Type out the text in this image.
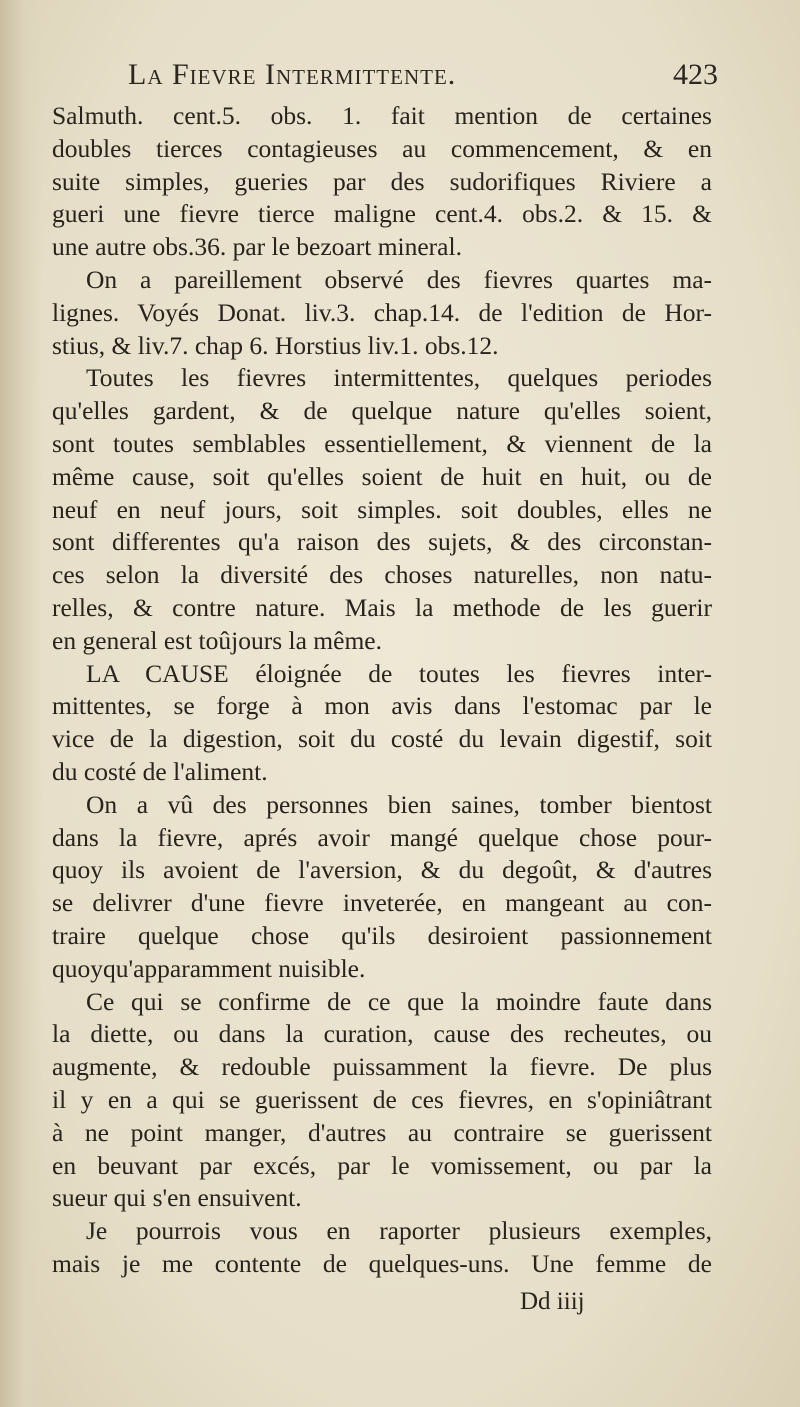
La Fievre Intermittente.	423
Salmuth. cent.5. obs. 1. fait mention de certaines
doubles tierces contagieuses au commencement, & en
suite simples, gueries par des sudorifiques Riviere a
gueri une fievre tierce maligne cent.4. obs.2. & 15. &
une autre obs.36. par le bezoart mineral.
On a pareillement observé des fievres quartes ma-
lignes. Voyés Donat. liv.3. chap.14. de l'edition de Hor-
stius, & liv.7. chap 6. Horstius liv.1. obs.12.
Toutes les fievres intermittentes, quelques periodes
qu'elles gardent, & de quelque nature qu'elles soient,
sont toutes semblables essentiellement, & viennent de la
même cause, soit qu'elles soient de huit en huit, ou de
neuf en neuf jours, soit simples. soit doubles, elles ne
sont differentes qu'a raison des sujets, & des circonstan-
ces selon la diversité des choses naturelles, non natu-
relles, & contre nature. Mais la methode de les guerir
en general est toûjours la même.
LA CAUSE éloignée de toutes les fievres inter-
mittentes, se forge à mon avis dans l'estomac par le
vice de la digestion, soit du costé du levain digestif, soit
du costé de l'aliment.
On a vû des personnes bien saines, tomber bientost
dans la fievre, aprés avoir mangé quelque chose pour-
quoy ils avoient de l'aversion, & du degoût, & d'autres
se delivrer d'une fievre inveterée, en mangeant au con-
traire quelque chose qu'ils desiroient passionnement
quoyqu'apparamment nuisible.
Ce qui se confirme de ce que la moindre faute dans
la diette, ou dans la curation, cause des recheutes, ou
augmente, & redouble puissamment la fievre. De plus
il y en a qui se guerissent de ces fievres, en s'opiniâtrant
à ne point manger, d'autres au contraire se guerissent
en beuvant par excés, par le vomissement, ou par la
sueur qui s'en ensuivent.
Je pourrois vous en raporter plusieurs exemples,
mais je me contente de quelques-uns. Une femme de
Dd iiij
